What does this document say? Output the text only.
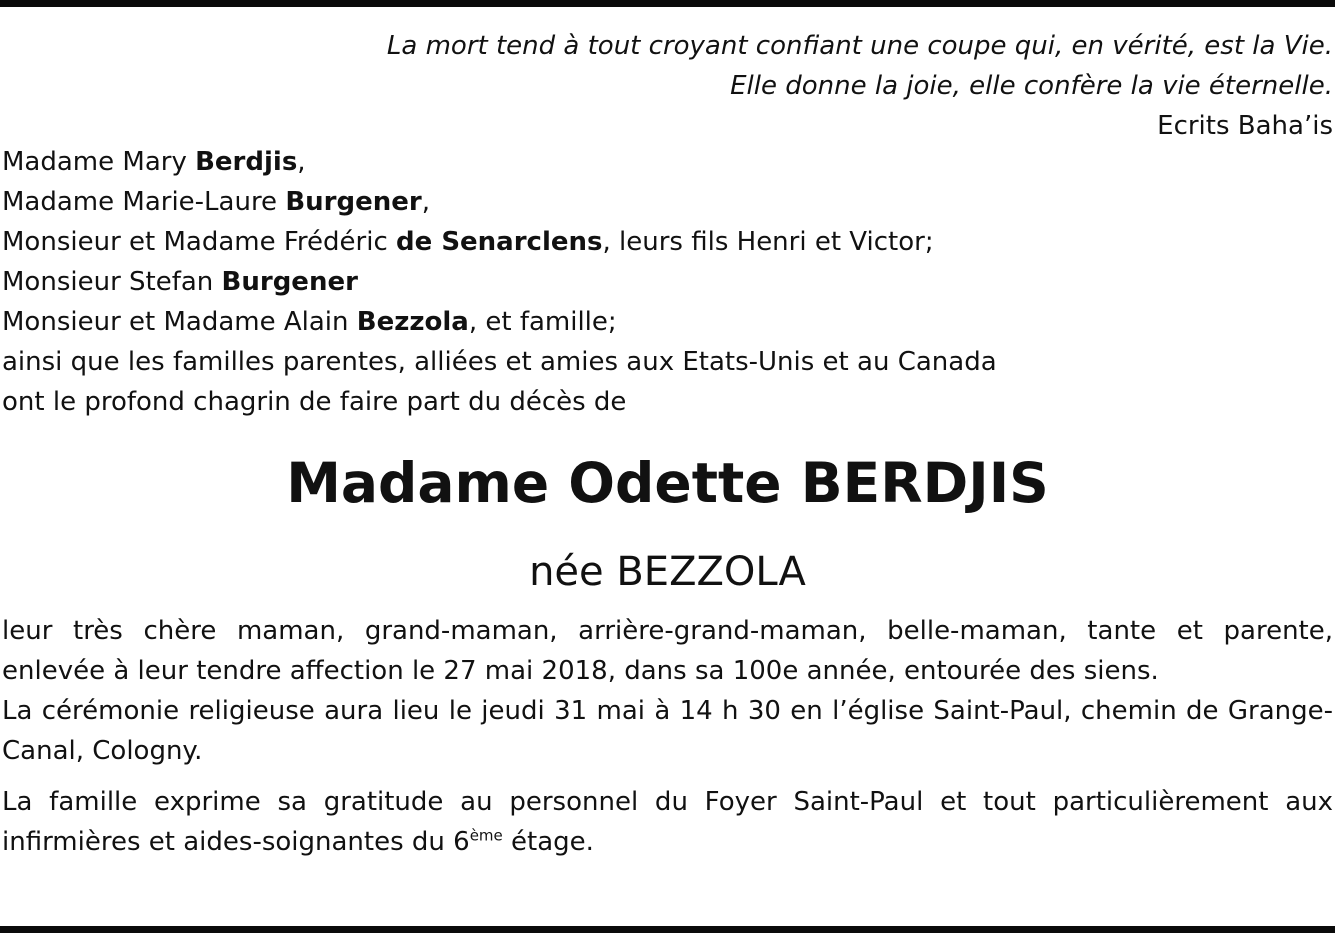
La mort tend à tout croyant confiant une coupe qui, en vérité, est la Vie.
Elle donne la joie, elle confère la vie éternelle.
Ecrits Baha’is
Madame Mary Berdjis,
Madame Marie-Laure Burgener,
Monsieur et Madame Frédéric de Senarclens, leurs fils Henri et Victor;
Monsieur Stefan Burgener
Monsieur et Madame Alain Bezzola, et famille;
ainsi que les familles parentes, alliées et amies aux Etats-Unis et au Canada
ont le profond chagrin de faire part du décès de
Madame Odette BERDJIS
née BEZZOLA

leur très chère maman, grand-maman, arrière-grand-maman, belle-maman, tante et parente, enlevée à leur tendre affection le 27 mai 2018, dans sa 100e année, entourée des siens.

La cérémonie religieuse aura lieu le jeudi 31 mai à 14 h 30 en l’église Saint-Paul, chemin de Grange-Canal, Cologny.

La famille exprime sa gratitude au personnel du Foyer Saint-Paul et tout particulièrement aux infirmières et aides-soignantes du 6ème étage.
